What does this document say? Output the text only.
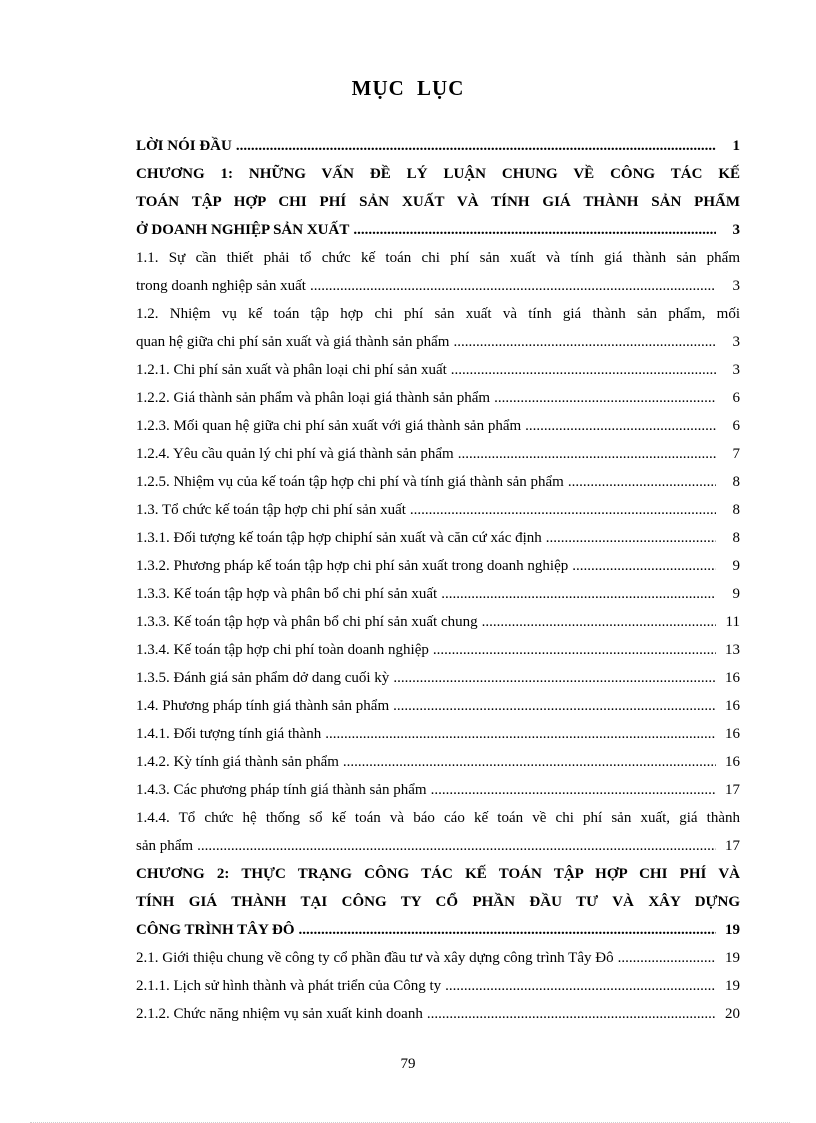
MỤC LỤC
LỜI NÓI ĐẦU .....	1
CHƯƠNG 1: NHỮNG VẤN ĐỀ LÝ LUẬN CHUNG VỀ CÔNG TÁC KẾ
TOÁN TẬP HỢP CHI PHÍ SẢN XUẤT VÀ TÍNH GIÁ THÀNH SẢN PHẨM
Ở DOANH NGHIỆP SẢN XUẤT .....	3
1.1. Sự cần thiết phải tổ chức kế toán chi phí sản xuất và tính giá thành sản phẩm
trong doanh nghiệp sản xuất .....	3
1.2. Nhiệm vụ kế toán tập hợp chi phí sản xuất và tính giá thành sản phẩm, mối
quan hệ giữa chi phí sản xuất và giá thành sản phẩm .....	3
1.2.1. Chi phí sản xuất và phân loại chi phí sản xuất .....	3
1.2.2. Giá thành sản phẩm và phân loại giá thành sản phẩm .....	6
1.2.3. Mối quan hệ giữa chi phí sản xuất với giá thành sản phẩm .....	6
1.2.4. Yêu cầu quản lý chi phí và giá thành sản phẩm .....	7
1.2.5. Nhiệm vụ của kế toán tập hợp chi phí và tính giá thành sản phẩm .....	8
1.3. Tổ chức kế toán tập hợp chi phí sản xuất .....	8
1.3.1. Đối tượng kế toán tập hợp chiphí sản xuất và căn cứ xác định .....	8
1.3.2. Phương pháp kế toán tập hợp chi phí sản xuất trong doanh nghiệp .....	9
1.3.3. Kế toán tập hợp và phân bổ chi phí sản xuất .....	9
1.3.3. Kế toán tập hợp và phân bổ chi phí sản xuất chung .....	11
1.3.4. Kế toán tập hợp chi phí toàn doanh nghiệp .....	13
1.3.5. Đánh giá sản phẩm dở dang cuối kỳ .....	16
1.4. Phương pháp tính giá thành sản phẩm .....	16
1.4.1. Đối tượng tính giá thành .....	16
1.4.2. Kỳ tính giá thành sản phẩm .....	16
1.4.3. Các phương pháp tính giá thành sản phẩm .....	17
1.4.4. Tổ chức hệ thống sổ kế toán và báo cáo kế toán về chi phí sản xuất, giá thành
sản phẩm .....	17
CHƯƠNG 2: THỰC TRẠNG CÔNG TÁC KẾ TOÁN TẬP HỢP CHI PHÍ VÀ
TÍNH GIÁ THÀNH TẠI CÔNG TY CỔ PHẦN ĐẦU TƯ VÀ XÂY DỰNG
CÔNG TRÌNH TÂY ĐÔ .....	19
2.1. Giới thiệu chung về công ty cổ phần đầu tư và xây dựng công trình Tây Đô .....	19
2.1.1. Lịch sử hình thành và phát triển của Công ty .....	19
2.1.2. Chức năng nhiệm vụ sản xuất kinh doanh .....	20
79
